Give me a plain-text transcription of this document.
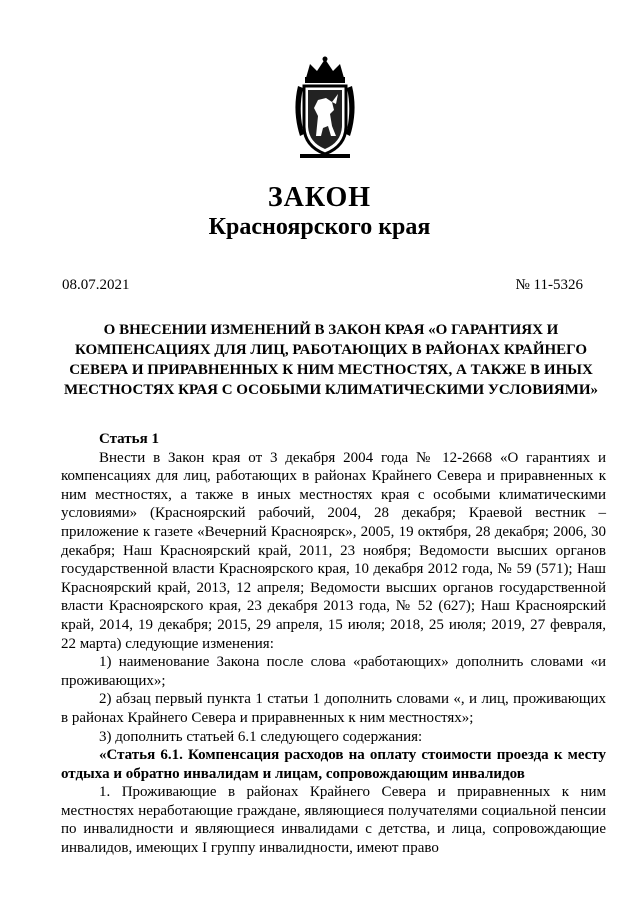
ЗАКОН
Красноярского края
08.07.2021	№ 11-5326
О ВНЕСЕНИИ ИЗМЕНЕНИЙ В ЗАКОН КРАЯ «О ГАРАНТИЯХ И КОМПЕНСАЦИЯХ ДЛЯ ЛИЦ, РАБОТАЮЩИХ В РАЙОНАХ КРАЙНЕГО СЕВЕРА И ПРИРАВНЕННЫХ К НИМ МЕСТНОСТЯХ, А ТАКЖЕ В ИНЫХ МЕСТНОСТЯХ КРАЯ С ОСОБЫМИ КЛИМАТИЧЕСКИМИ УСЛОВИЯМИ»

Статья 1

Внести в Закон края от 3 декабря 2004 года № 12-2668 «О гарантиях и компенсациях для лиц, работающих в районах Крайнего Севера и приравненных к ним местностях, а также в иных местностях края с особыми климатическими условиями» (Красноярский рабочий, 2004, 28 декабря; Краевой вестник – приложение к газете «Вечерний Красноярск», 2005, 19 октября, 28 декабря; 2006, 30 декабря; Наш Красноярский край, 2011, 23 ноября; Ведомости высших органов государственной власти Красноярского края, 10 декабря 2012 года, № 59 (571); Наш Красноярский край, 2013, 12 апреля; Ведомости высших органов государственной власти Красноярского края, 23 декабря 2013 года, № 52 (627); Наш Красноярский край, 2014, 19 декабря; 2015, 29 апреля, 15 июля; 2018, 25 июля; 2019, 27 февраля, 22 марта) следующие изменения:

1) наименование Закона после слова «работающих» дополнить словами «и проживающих»;

2) абзац первый пункта 1 статьи 1 дополнить словами «, и лиц, проживающих в районах Крайнего Севера и приравненных к ним местностях»;

3) дополнить статьей 6.1 следующего содержания:

«Статья 6.1. Компенсация расходов на оплату стоимости проезда к месту отдыха и обратно инвалидам и лицам, сопровождающим инвалидов

1. Проживающие в районах Крайнего Севера и приравненных к ним местностях неработающие граждане, являющиеся получателями социальной пенсии по инвалидности и являющиеся инвалидами с детства, и лица, сопровождающие инвалидов, имеющих I группу инвалидности, имеют право
